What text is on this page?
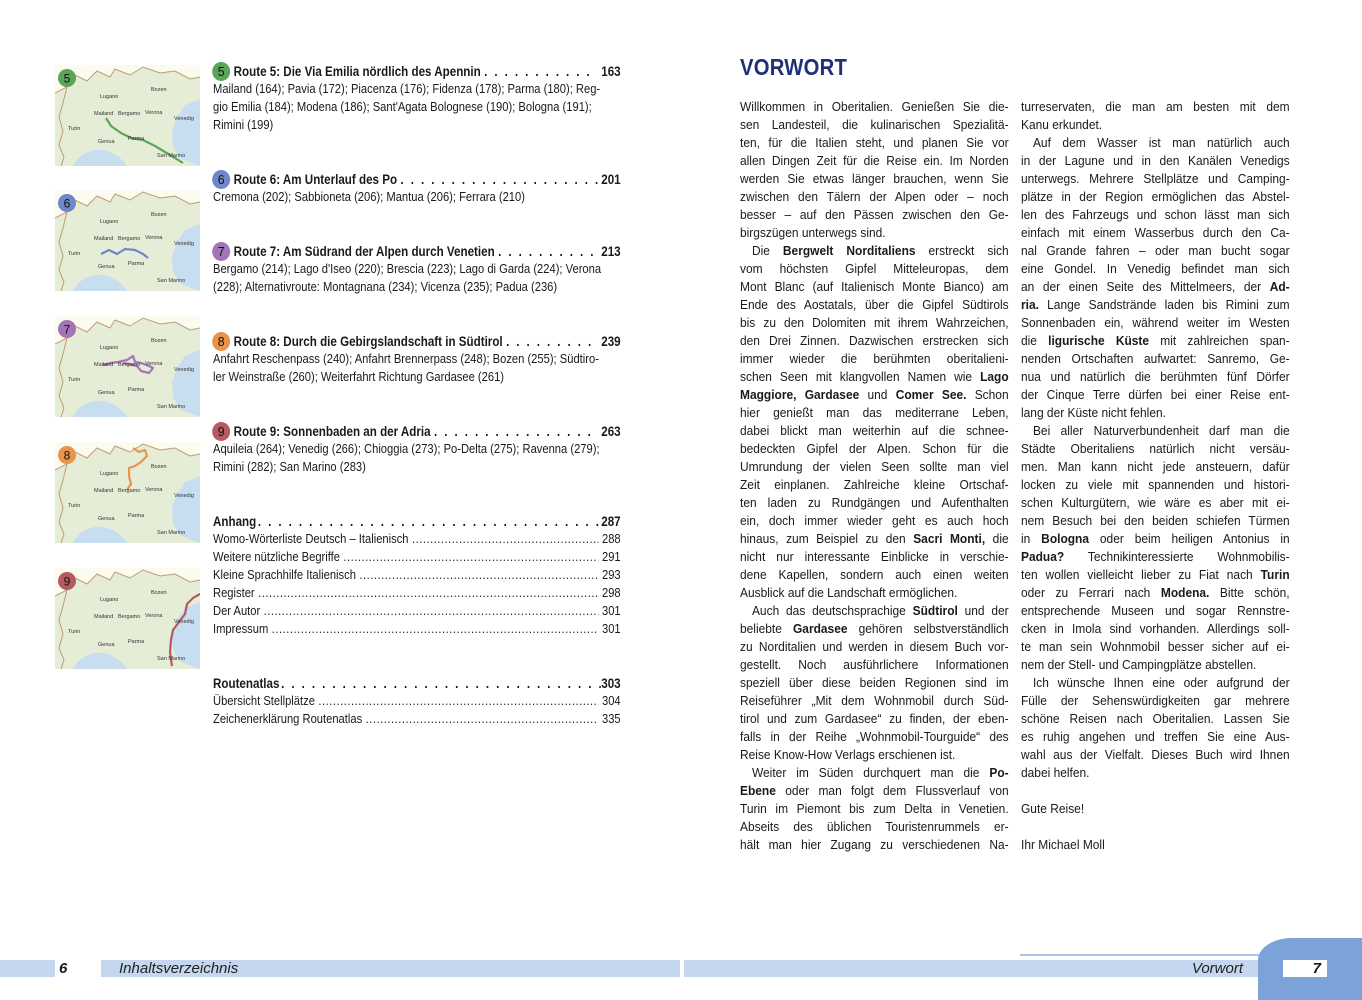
Lugano
Bozen
Mailand Bergamo Verona
Venedig
Turin
Genua Parma
San Marino
5
Lugano
Bozen
Mailand Bergamo Verona
Venedig
Turin
Genua Parma
San Marino
6
Lugano
Bozen
Mailand Bergamo Verona
Venedig
Turin
Genua Parma
San Marino
7
Lugano
Bozen
Mailand Bergamo Verona
Venedig
Turin
Genua Parma
San Marino
8
Lugano
Bozen
Mailand Bergamo Verona
Venedig
Turin
Genua Parma
San Marino
9
5 Route 5: Die Via Emilia nördlich des Apennin . . .	163
Mailand (164); Pavia (172); Piacenza (176); Fidenza (178); Parma (180); Reg-
gio Emilia (184); Modena (186); Sant'Agata Bolognese (190); Bologna (191);
Rimini (199)
6 Route 6: Am Unterlauf des Po . . .	201
Cremona (202); Sabbioneta (206); Mantua (206); Ferrara (210)
7 Route 7: Am Südrand der Alpen durch Venetien . . .	213
Bergamo (214); Lago d'Iseo (220); Brescia (223); Lago di Garda (224); Verona
(228); Alternativroute: Montagnana (234); Vicenza (235); Padua (236)
8 Route 8: Durch die Gebirgslandschaft in Südtirol . . .	239
Anfahrt Reschenpass (240); Anfahrt Brennerpass (248); Bozen (255); Südtiro-
ler Weinstraße (260); Weiterfahrt Richtung Gardasee (261)
9 Route 9: Sonnenbaden an der Adria . . .	263
Aquileia (264); Venedig (266); Chioggia (273); Po-Delta (275); Ravenna (279);
Rimini (282); San Marino (283)
Anhang . . .	287
Womo-Wörterliste Deutsch – Italienisch .....	288
Weitere nützliche Begriffe .....	291
Kleine Sprachhilfe Italienisch .....	293
Register .....	298
Der Autor .....	301
Impressum .....	301
Routenatlas . . .	303
Übersicht Stellplätze .....	304
Zeichenerklärung Routenatlas .....	335
VORWORT
Willkommen in Oberitalien. Genießen Sie die-
sen Landesteil, die kulinarischen Spezialitä-
ten, für die Italien steht, und planen Sie vor
allen Dingen Zeit für die Reise ein. Im Norden
werden Sie etwas länger brauchen, wenn Sie
zwischen den Tälern der Alpen oder – noch
besser – auf den Pässen zwischen den Ge-
birgszügen unterwegs sind.
Die Bergwelt Norditaliens erstreckt sich
vom höchsten Gipfel Mitteleuropas, dem
Mont Blanc (auf Italienisch Monte Bianco) am
Ende des Aostatals, über die Gipfel Südtirols
bis zu den Dolomiten mit ihrem Wahrzeichen,
den Drei Zinnen. Dazwischen erstrecken sich
immer wieder die berühmten oberitalieni-
schen Seen mit klangvollen Namen wie Lago
Maggiore, Gardasee und Comer See. Schon
hier genießt man das mediterrane Leben,
dabei blickt man weiterhin auf die schnee-
bedeckten Gipfel der Alpen. Schon für die
Umrundung der vielen Seen sollte man viel
Zeit einplanen. Zahlreiche kleine Ortschaf-
ten laden zu Rundgängen und Aufenthalten
ein, doch immer wieder geht es auch hoch
hinaus, zum Beispiel zu den Sacri Monti, die
nicht nur interessante Einblicke in verschie-
dene Kapellen, sondern auch einen weiten
Ausblick auf die Landschaft ermöglichen.
Auch das deutschsprachige Südtirol und der
beliebte Gardasee gehören selbstverständlich
zu Norditalien und werden in diesem Buch vor-
gestellt. Noch ausführlichere Informationen
speziell über diese beiden Regionen sind im
Reiseführer „Mit dem Wohnmobil durch Süd-
tirol und zum Gardasee“ zu finden, der eben-
falls in der Reihe „Wohnmobil-Tourguide“ des
Reise Know-How Verlags erschienen ist.
Weiter im Süden durchquert man die Po-
Ebene oder man folgt dem Flussverlauf von
Turin im Piemont bis zum Delta in Venetien.
Abseits des üblichen Touristenrummels er-
hält man hier Zugang zu verschiedenen Na-
turreservaten, die man am besten mit dem
Kanu erkundet.
Auf dem Wasser ist man natürlich auch
in der Lagune und in den Kanälen Venedigs
unterwegs. Mehrere Stellplätze und Camping-
plätze in der Region ermöglichen das Abstel-
len des Fahrzeugs und schon lässt man sich
einfach mit einem Wasserbus durch den Ca-
nal Grande fahren – oder man bucht sogar
eine Gondel. In Venedig befindet man sich
an der einen Seite des Mittelmeers, der Ad-
ria. Lange Sandstrände laden bis Rimini zum
Sonnenbaden ein, während weiter im Westen
die ligurische Küste mit zahlreichen span-
nenden Ortschaften aufwartet: Sanremo, Ge-
nua und natürlich die berühmten fünf Dörfer
der Cinque Terre dürfen bei einer Reise ent-
lang der Küste nicht fehlen.
Bei aller Naturverbundenheit darf man die
Städte Oberitaliens natürlich nicht versäu-
men. Man kann nicht jede ansteuern, dafür
locken zu viele mit spannenden und histori-
schen Kulturgütern, wie wäre es aber mit ei-
nem Besuch bei den beiden schiefen Türmen
in Bologna oder beim heiligen Antonius in
Padua? Technikinteressierte Wohnmobilis-
ten wollen vielleicht lieber zu Fiat nach Turin
oder zu Ferrari nach Modena. Bitte schön,
entsprechende Museen und sogar Rennstre-
cken in Imola sind vorhanden. Allerdings soll-
te man sein Wohnmobil besser sicher auf ei-
nem der Stell- und Campingplätze abstellen.
Ich wünsche Ihnen eine oder aufgrund der
Fülle der Sehenswürdigkeiten gar mehrere
schöne Reisen nach Oberitalien. Lassen Sie
es ruhig angehen und treffen Sie eine Aus-
wahl aus der Vielfalt. Dieses Buch wird Ihnen
dabei helfen.
Gute Reise!
Ihr Michael Moll
6	Inhaltsverzeichnis	Vorwort	7
